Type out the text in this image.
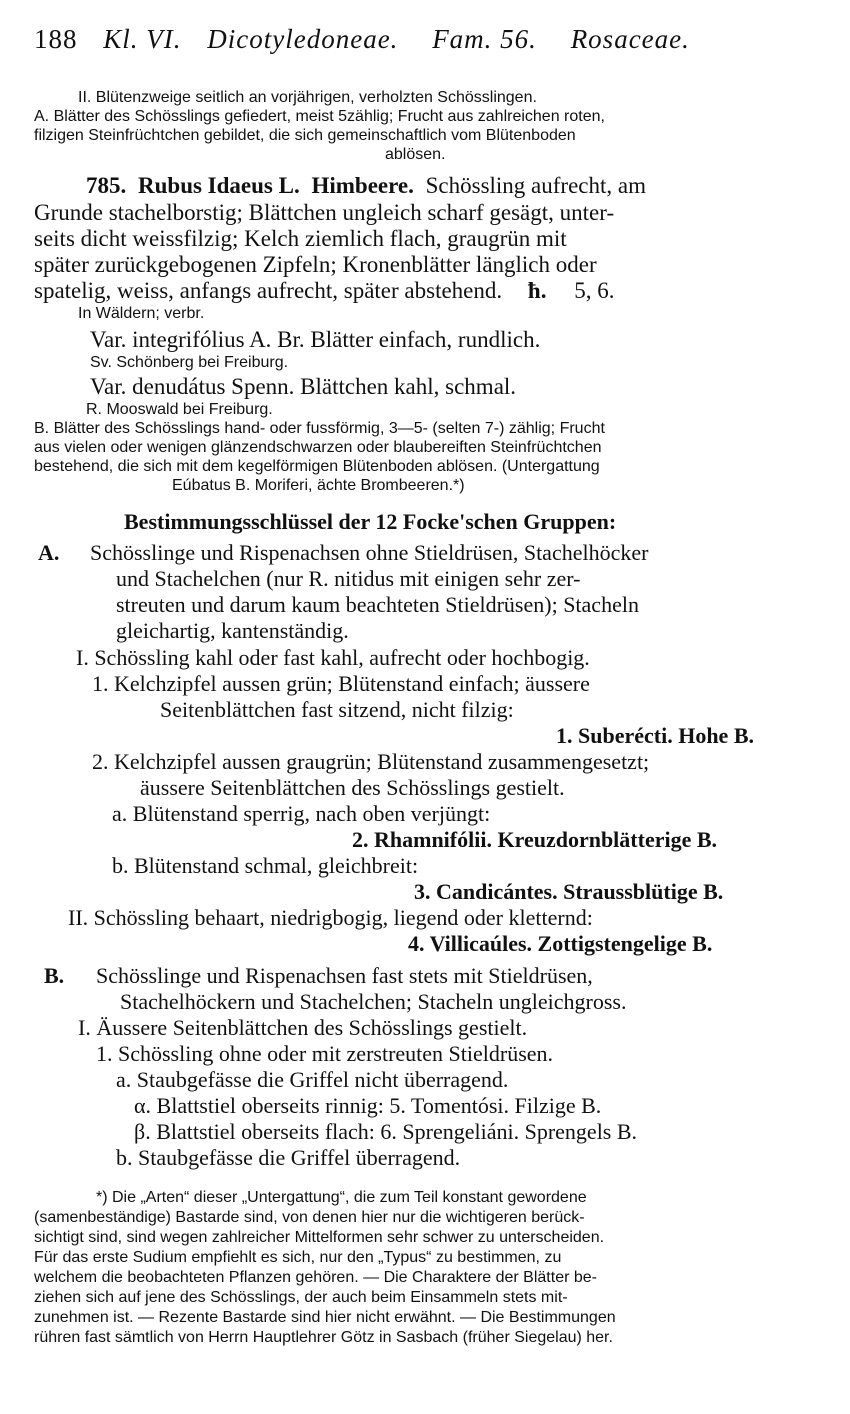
188 Kl. VI. Dicotyledoneae. Fam. 56. Rosaceae.
II. Blütenzweige seitlich an vorjährigen, verholzten Schösslingen.
A. Blätter des Schösslings gefiedert, meist 5zählig; Frucht aus zahlreichen roten,
filzigen Steinfrüchtchen gebildet, die sich gemeinschaftlich vom Blütenboden
ablösen.
785. Rubus Idaeus L. Himbeere. Schössling aufrecht, am
Grunde stachelborstig; Blättchen ungleich scharf gesägt, unter-
seits dicht weissfilzig; Kelch ziemlich flach, graugrün mit
später zurückgebogenen Zipfeln; Kronenblätter länglich oder
spatelig, weiss, anfangs aufrecht, später abstehend. ħ. 5, 6.
In Wäldern; verbr.
Var. integrifólius A. Br. Blätter einfach, rundlich.
Sv. Schönberg bei Freiburg.
Var. denudátus Spenn. Blättchen kahl, schmal.
R. Mooswald bei Freiburg.
B. Blätter des Schösslings hand- oder fussförmig, 3—5- (selten 7-) zählig; Frucht
aus vielen oder wenigen glänzendschwarzen oder blaubereiften Steinfrüchtchen
bestehend, die sich mit dem kegelförmigen Blütenboden ablösen. (Untergattung
Eúbatus B. Moriferi, ächte Brombeeren.*)
Bestimmungsschlüssel der 12 Focke'schen Gruppen:
A. Schösslinge und Rispenachsen ohne Stieldrüsen, Stachelhöcker
und Stachelchen (nur R. nitidus mit einigen sehr zer-
streuten und darum kaum beachteten Stieldrüsen); Stacheln
gleichartig, kantenständig.
I. Schössling kahl oder fast kahl, aufrecht oder hochbogig.
1. Kelchzipfel aussen grün; Blütenstand einfach; äussere
Seitenblättchen fast sitzend, nicht filzig:
1. Suberécti. Hohe B.
2. Kelchzipfel aussen graugrün; Blütenstand zusammengesetzt;
äussere Seitenblättchen des Schösslings gestielt.
a. Blütenstand sperrig, nach oben verjüngt:
2. Rhamnifólii. Kreuzdornblätterige B.
b. Blütenstand schmal, gleichbreit:
3. Candicántes. Straussblütige B.
II. Schössling behaart, niedrigbogig, liegend oder kletternd:
4. Villicaúles. Zottigstengelige B.
B. Schösslinge und Rispenachsen fast stets mit Stieldrüsen,
Stachelhöckern und Stachelchen; Stacheln ungleichgross.
I. Äussere Seitenblättchen des Schösslings gestielt.
1. Schössling ohne oder mit zerstreuten Stieldrüsen.
a. Staubgefässe die Griffel nicht überragend.
α. Blattstiel oberseits rinnig: 5. Tomentósi. Filzige B.
β. Blattstiel oberseits flach: 6. Sprengeliáni. Sprengels B.
b. Staubgefässe die Griffel überragend.
*) Die „Arten“ dieser „Untergattung“, die zum Teil konstant gewordene
(samenbeständige) Bastarde sind, von denen hier nur die wichtigeren berück-
sichtigt sind, sind wegen zahlreicher Mittelformen sehr schwer zu unterscheiden.
Für das erste Sudium empfiehlt es sich, nur den „Typus“ zu bestimmen, zu
welchem die beobachteten Pflanzen gehören. — Die Charaktere der Blätter be-
ziehen sich auf jene des Schösslings, der auch beim Einsammeln stets mit-
zunehmen ist. — Rezente Bastarde sind hier nicht erwähnt. — Die Bestimmungen
rühren fast sämtlich von Herrn Hauptlehrer Götz in Sasbach (früher Siegelau) her.
